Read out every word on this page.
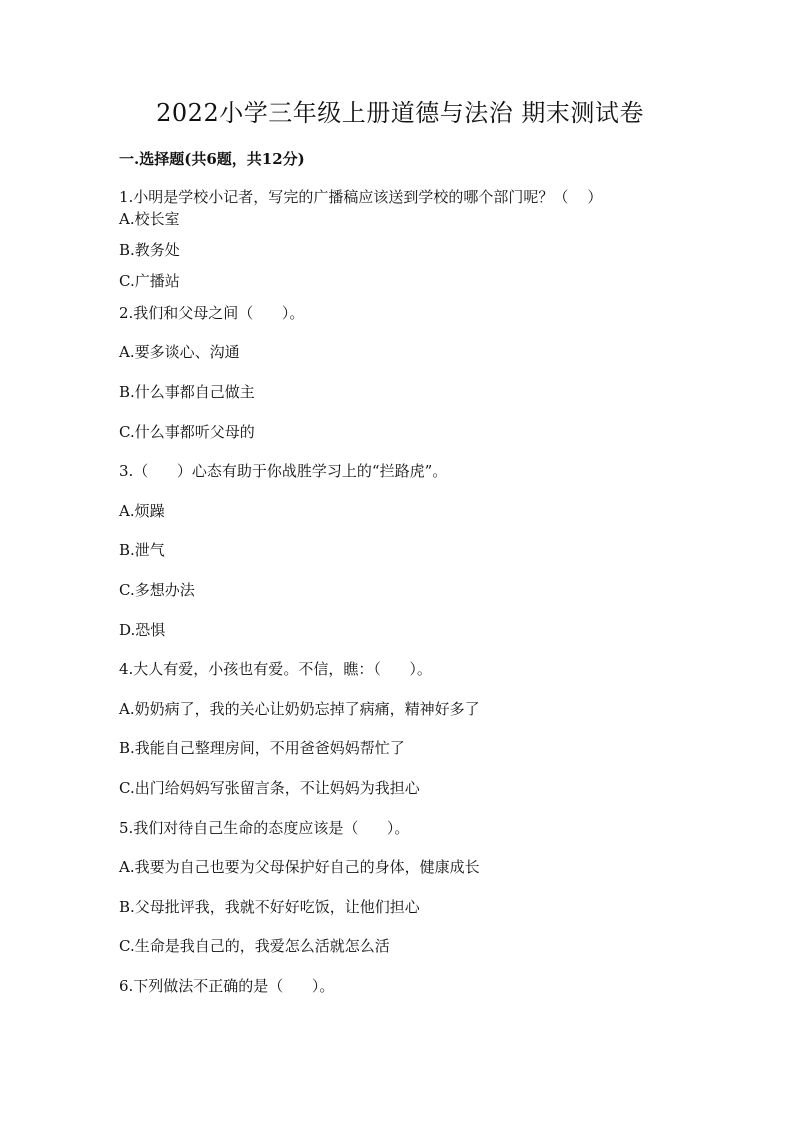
2022小学三年级上册道德与法治 期末测试卷
一.选择题(共6题，共12分)
1.小明是学校小记者，写完的广播稿应该送到学校的哪个部门呢？（    ）
A.校长室
B.教务处
C.广播站
2.我们和父母之间（      ）。
A.要多谈心、沟通
B.什么事都自己做主
C.什么事都听父母的
3.（      ）心态有助于你战胜学习上的“拦路虎”。
A.烦躁
B.泄气
C.多想办法
D.恐惧
4.大人有爱，小孩也有爱。不信，瞧：（      ）。
A.奶奶病了，我的关心让奶奶忘掉了病痛，精神好多了
B.我能自己整理房间，不用爸爸妈妈帮忙了
C.出门给妈妈写张留言条，不让妈妈为我担心
5.我们对待自己生命的态度应该是（      ）。
A.我要为自己也要为父母保护好自己的身体，健康成长
B.父母批评我，我就不好好吃饭，让他们担心
C.生命是我自己的，我爱怎么活就怎么活
6.下列做法不正确的是（      ）。
